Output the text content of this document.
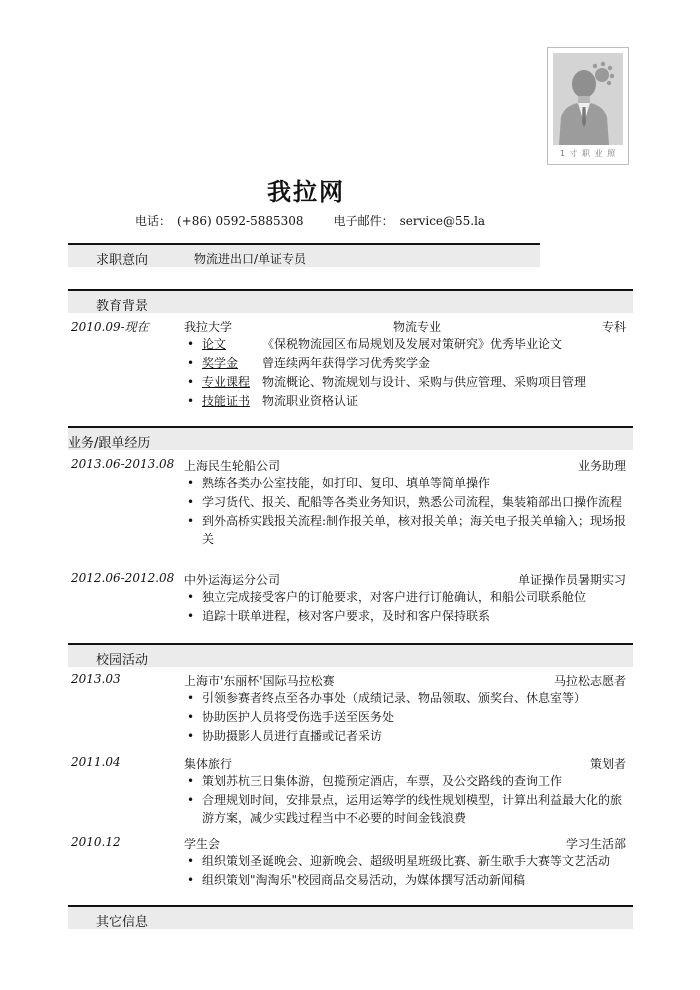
1 寸 职 业 照
我拉网
电话： (+86) 0592-5885308	电子邮件： service@55.la
求职意向	物流进出口/单证专员
教育背景
2010.09-现在	我拉大学	物流专业	专科
• 论文	《保税物流园区布局规划及发展对策研究》优秀毕业论文
• 奖学金 曾连续两年获得学习优秀奖学金
• 专业课程 物流概论、物流规划与设计、采购与供应管理、采购项目管理
• 技能证书 物流职业资格认证
业务/跟单经历
2013.06-2013.08 上海民生轮船公司	业务助理
• 熟练各类办公室技能，如打印、复印、填单等简单操作
• 学习货代、报关、配船等各类业务知识，熟悉公司流程，集装箱部出口操作流程
• 到外高桥实践报关流程:制作报关单，核对报关单；海关电子报关单输入；现场报关
2012.06-2012.08 中外运海运分公司	单证操作员暑期实习
• 独立完成接受客户的订舱要求，对客户进行订舱确认，和船公司联系舱位
• 追踪十联单进程，核对客户要求，及时和客户保持联系
校园活动
2013.03	上海市'东丽杯'国际马拉松赛	马拉松志愿者
• 引领参赛者终点至各办事处（成绩记录、物品领取、颁奖台、休息室等）
• 协助医护人员将受伤选手送至医务处
• 协助摄影人员进行直播或记者采访
2011.04	集体旅行	策划者
• 策划苏杭三日集体游，包揽预定酒店，车票，及公交路线的查询工作
• 合理规划时间，安排景点，运用运筹学的线性规划模型，计算出利益最大化的旅游方案，减少实践过程当中不必要的时间金钱浪费
2010.12	学生会	学习生活部
• 组织策划圣诞晚会、迎新晚会、超级明星班级比赛、新生歌手大赛等文艺活动
• 组织策划"淘淘乐"校园商品交易活动，为媒体撰写活动新闻稿
其它信息
